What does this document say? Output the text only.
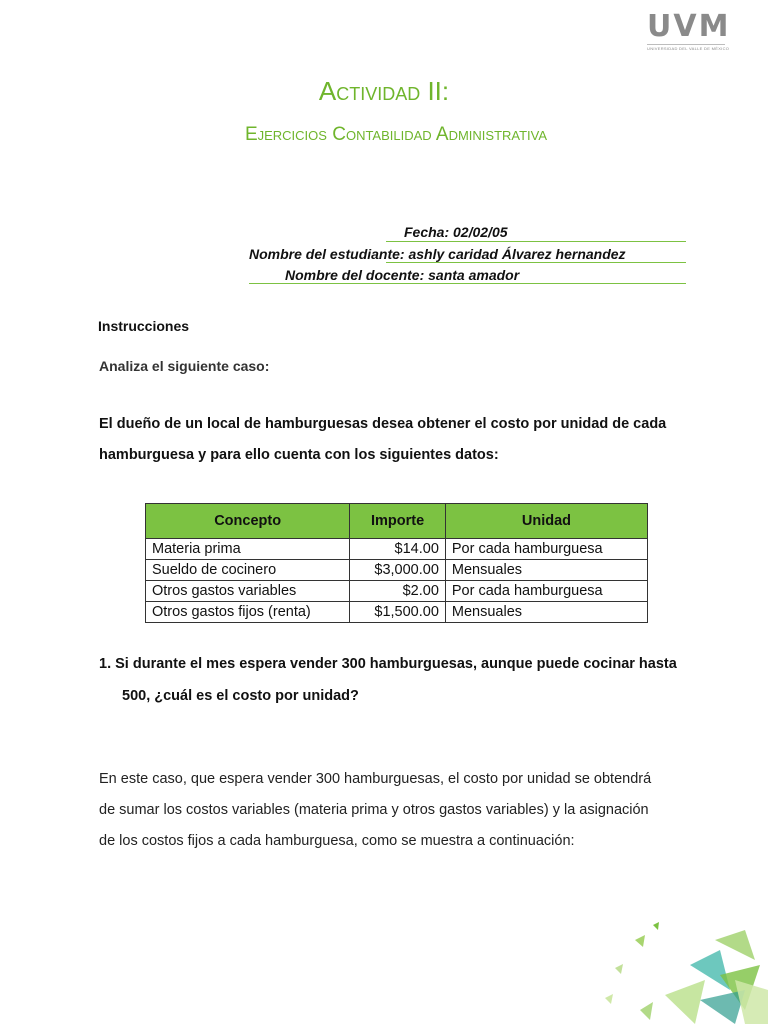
UVM
UNIVERSIDAD DEL VALLE DE MÉXICO
Actividad II:
Ejercicios Contabilidad Administrativa
Fecha: 02/02/05
Nombre del estudiante: ashly caridad Álvarez hernandez
Nombre del docente: santa amador
Instrucciones
Analiza el siguiente caso:
El dueño de un local de hamburguesas desea obtener el costo por unidad de cada
hamburguesa y para ello cuenta con los siguientes datos:
Concepto	Importe	Unidad
Materia prima	$14.00	Por cada hamburguesa
Sueldo de cocinero	$3,000.00	Mensuales
Otros gastos variables	$2.00	Por cada hamburguesa
Otros gastos fijos (renta)	$1,500.00	Mensuales
1. Si durante el mes espera vender 300 hamburguesas, aunque puede cocinar hasta
500, ¿cuál es el costo por unidad?
En este caso, que espera vender 300 hamburguesas, el costo por unidad se obtendrá
de sumar los costos variables (materia prima y otros gastos variables) y la asignación
de los costos fijos a cada hamburguesa, como se muestra a continuación:
